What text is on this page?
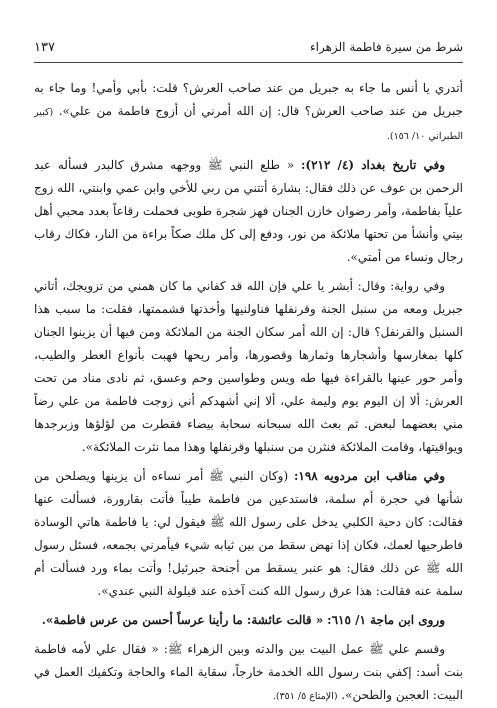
١٣٧	شرط من سيرة فاطمة الزهراء

أتدري يا أنس ما جاء به جبريل من عند صاحب العرش؟ قلت: بأبي وأمي! وما جاء به جبريل من عند صاحب العرش؟ قال: إن الله أمرني أن أزوج فاطمة من علي». (كبير الطبراني ١٠/ ١٥٦).

وفي تاريخ بغداد (٤/ ٢١٢): « طلع النبي ﷺ ووجهه مشرق كالبدر فسأله عبد الرحمن بن عوف عن ذلك فقال: بشارة أتتني من ربي للأخي وابن عمي وابنتي، الله زوج علياً بفاطمة، وأمر رضوان خازن الجنان فهز شجرة طوبى فحملت رقاعاً بعدد محبي أهل بيتي وأنشأ من تحتها ملائكة من نور، ودفع إلى كل ملك صكاً براءة من النار، فكاك رقاب رجال ونساء من أمتي».

وفي رواية: وقال: أبشر يا علي فإن الله قد كفاني ما كان همني من تزويجك، أتاني جبريل ومعه من سنبل الجنة وقرنفلها فناولنيها وأخذتها فشممتها، فقلت: ما سبب هذا السنبل والقرنفل؟ قال: إن الله أمر سكان الجنة من الملائكة ومن فيها أن يزينوا الجنان كلها بمغارسها وأشجارها وثمارها وقصورها، وأمر ريحها فهبت بأنواع العطر والطيب، وأمر حور عينها بالقراءة فيها طه ويس وطواسين وحم وعسق، ثم نادى مناد من تحت العرش: ألا إن اليوم يوم وليمة علي، ألا إني أشهدكم أني زوجت فاطمة من علي رضاً مني بعضهما لبعض. ثم بعث الله سبحانه سحابة بيضاء فقطرت من لؤلؤها وزبرجدها ويواقيتها، وقامت الملائكة فنثرن من سنبلها وقرنفلها وهذا مما نثرت الملائكة».

وفي مناقب ابن مردويه ١٩٨: (وكان النبي ﷺ أمر نساءه أن يزينها ويصلحن من شأنها في حجرة أم سلمة، فاستدعين من فاطمة طيباً فأتت بقارورة، فسألت عنها فقالت: كان دحية الكلبي يدخل على رسول الله ﷺ فيقول لي: يا فاطمة هاتي الوسادة فاطرحيها لعمك، فكان إذا نهض سقط من بين ثيابه شيء فيأمرني بجمعه، فسئل رسول الله ﷺ عن ذلك فقال: هو عنبر يسقط من أجنحة جبرئيل! وأتت بماء ورد فسألت أم سلمة عنه فقالت: هذا عرق رسول الله كنت آخذه عند قيلولة النبي عندي».

وروى ابن ماجة ١/ ٦١٥: « قالت عائشة: ما رأينا عرساً أحسن من عرس فاطمة».

وقسم علي ﷺ عمل البيت بين والدته وبين الزهراء ﷺ: « فقال علي لأمه فاطمة بنت أسد: إكفي بنت رسول الله الخدمة خارجاً، سقاية الماء والحاجة وتكفيك العمل في البيت: العجين والطحن». (الإمتاع ٥/ ٣٥١).
